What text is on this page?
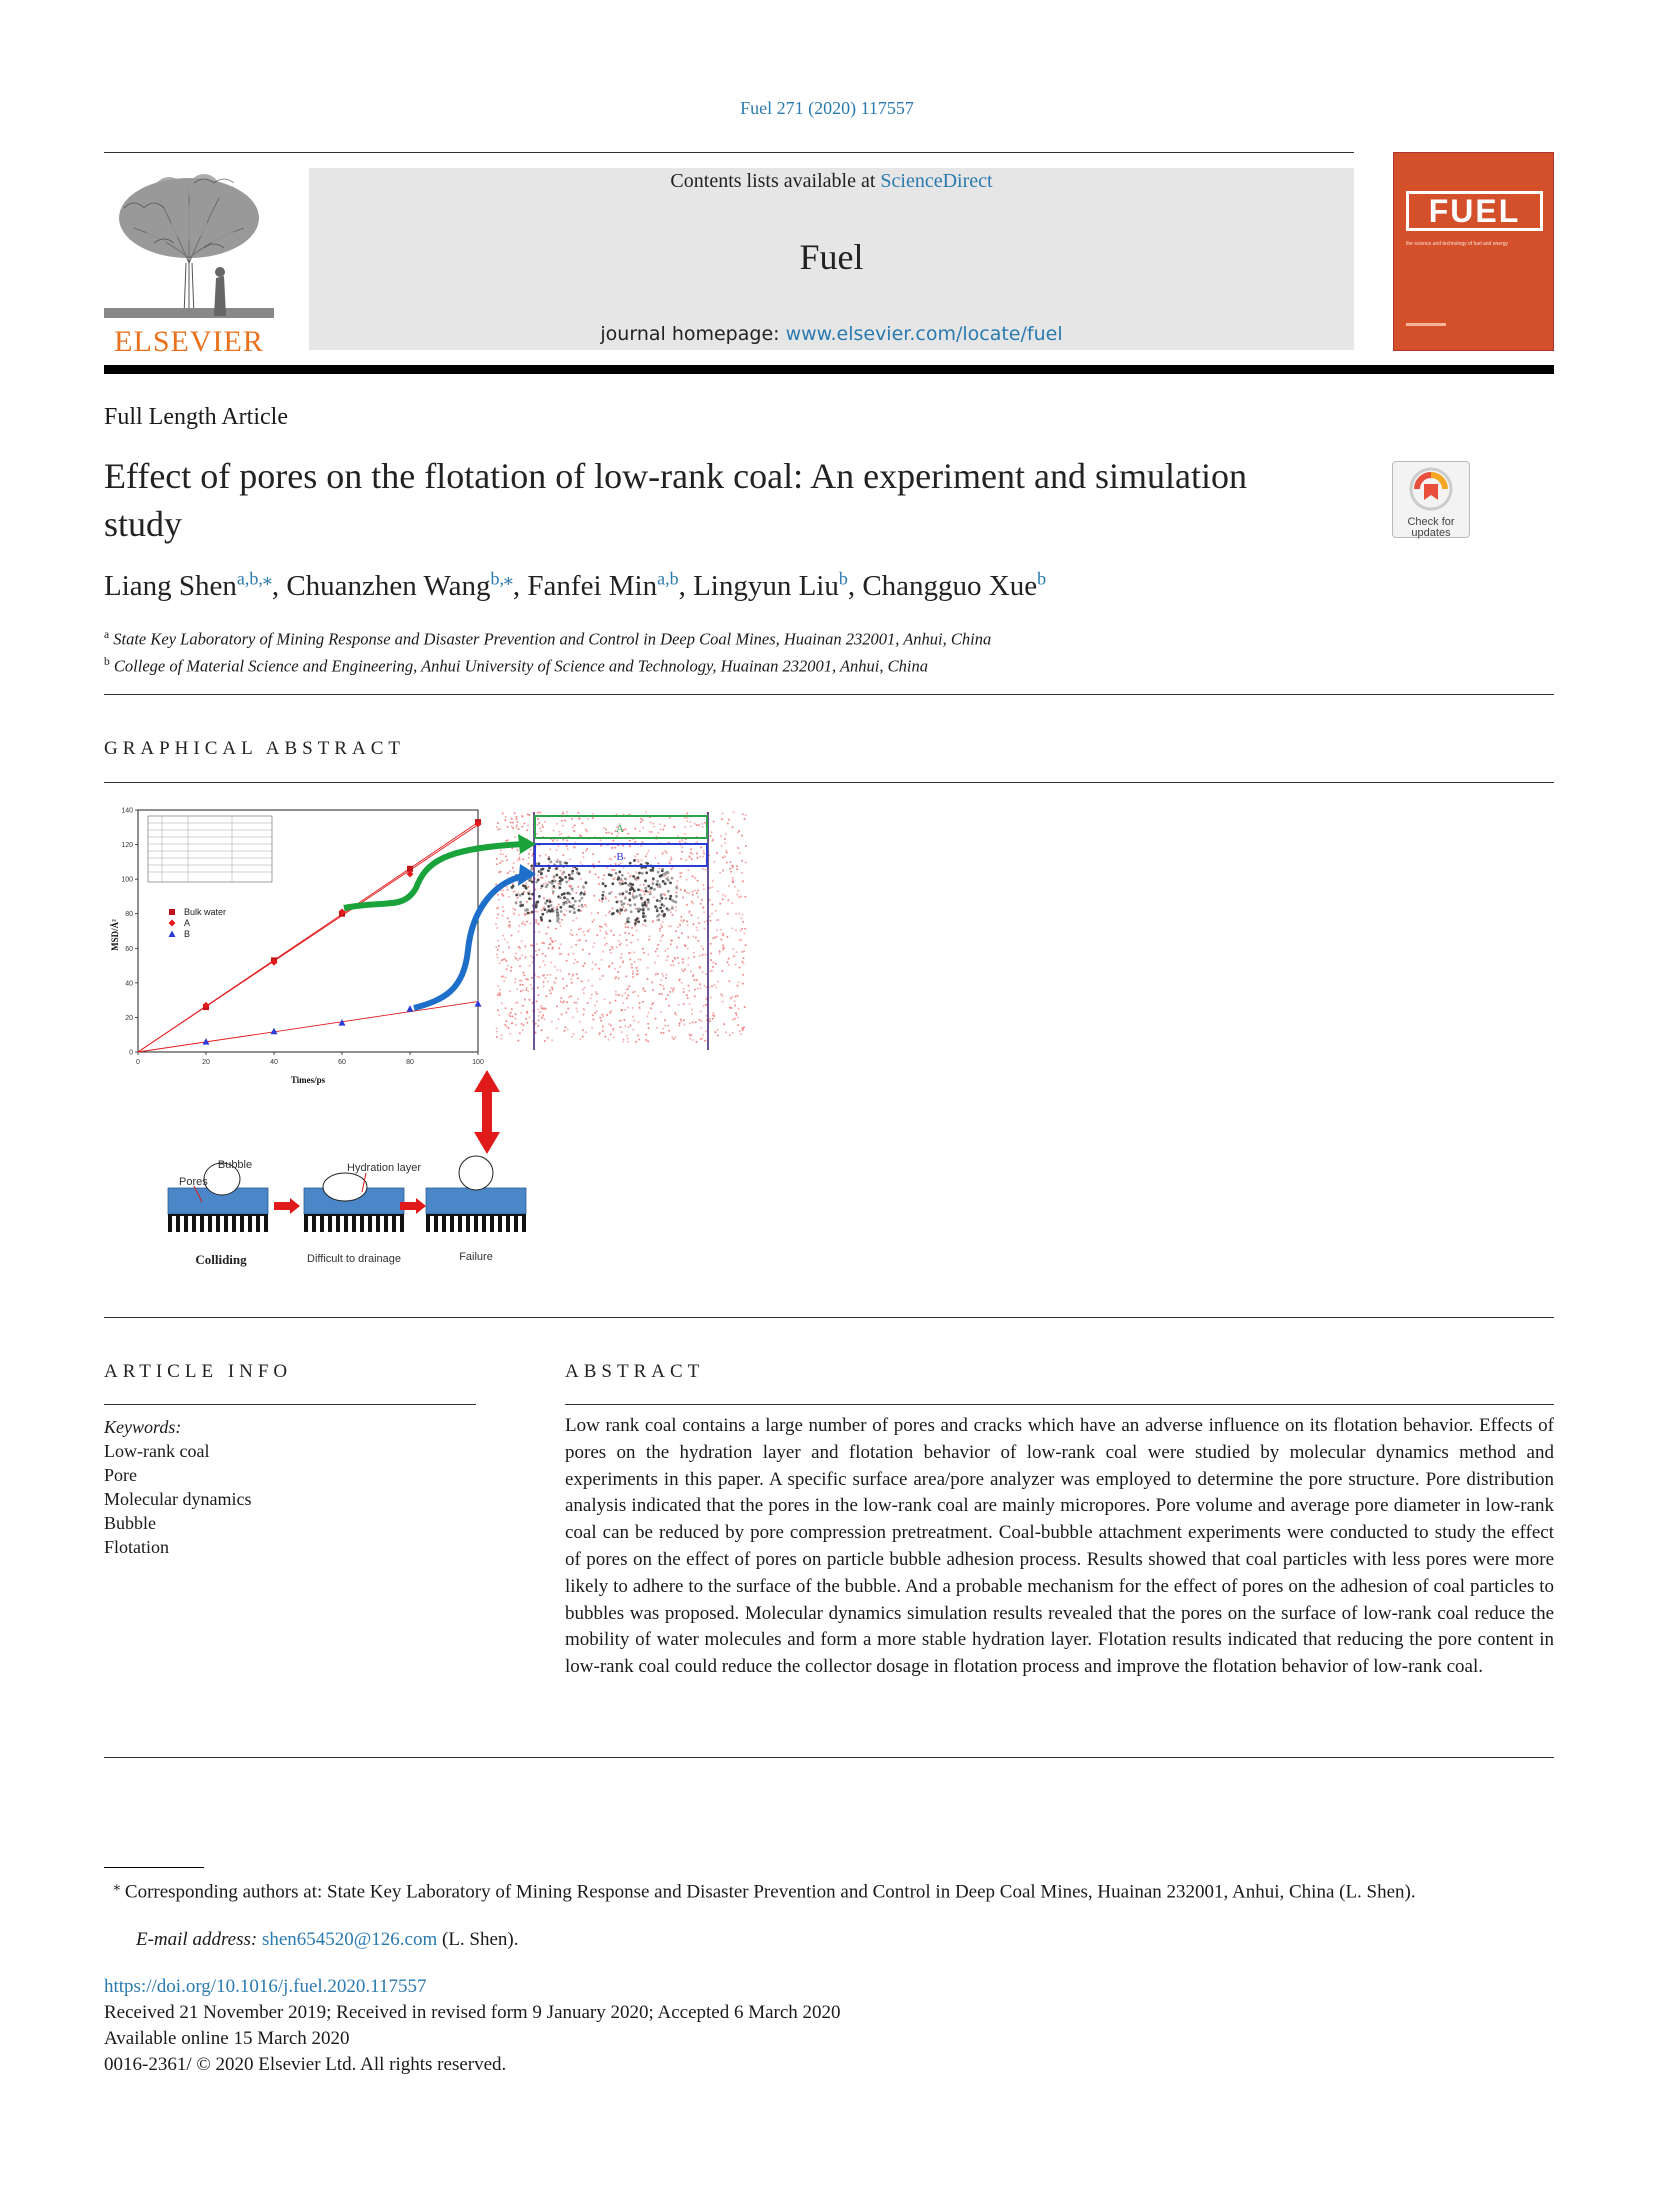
Fuel 271 (2020) 117557
ELSEVIER
Contents lists available at ScienceDirect
Fuel
journal homepage: www.elsevier.com/locate/fuel
FUEL
the science and technology of fuel and energy
Full Length Article
Effect of pores on the flotation of low-rank coal: An experiment and simulation study	Check for updates
Liang Shen$^{a,b,⁎}$, Chuanzhen Wang$^{b,⁎}$, Fanfei Min$^{a,b}$, Lingyun Liu$^b$, Changguo Xue$^b$
$^a$ State Key Laboratory of Mining Response and Disaster Prevention and Control in Deep Coal Mines, Huainan 232001, Anhui, China
$^b$ College of Material Science and Engineering, Anhui University of Science and Technology, Huainan 232001, Anhui, China
GRAPHICAL ABSTRACT
0	20	40	60	80	100
0
20
40
60
80
100
120
140
MSD/Å²
Times/ps
Bulk water
A
B
A
B
Pores
Hydration layer
Bubble
Colliding	Difficult to drainage	Failure
ARTICLE INFO
Keywords:
Low-rank coal
Pore
Molecular dynamics
Bubble
Flotation
ABSTRACT
Low rank coal contains a large number of pores and cracks which have an adverse influence on its flotation behavior. Effects of pores on the hydration layer and flotation behavior of low-rank coal were studied by molecular dynamics method and experiments in this paper. A specific surface area/pore analyzer was employed to determine the pore structure. Pore distribution analysis indicated that the pores in the low-rank coal are mainly micropores. Pore volume and average pore diameter in low-rank coal can be reduced by pore compression pretreatment. Coal-bubble attachment experiments were conducted to study the effect of pores on the effect of pores on particle bubble adhesion process. Results showed that coal particles with less pores were more likely to adhere to the surface of the bubble. And a probable mechanism for the effect of pores on the adhesion of coal particles to bubbles was proposed. Molecular dynamics simulation results revealed that the pores on the surface of low-rank coal reduce the mobility of water molecules and form a more stable hydration layer. Flotation results indicated that reducing the pore content in low-rank coal could reduce the collector dosage in flotation process and improve the flotation behavior of low-rank coal.
⁎ Corresponding authors at: State Key Laboratory of Mining Response and Disaster Prevention and Control in Deep Coal Mines, Huainan 232001, Anhui, China (L. Shen).
E-mail address: shen654520@126.com (L. Shen).
https://doi.org/10.1016/j.fuel.2020.117557
Received 21 November 2019; Received in revised form 9 January 2020; Accepted 6 March 2020
Available online 15 March 2020
0016-2361/ © 2020 Elsevier Ltd. All rights reserved.
